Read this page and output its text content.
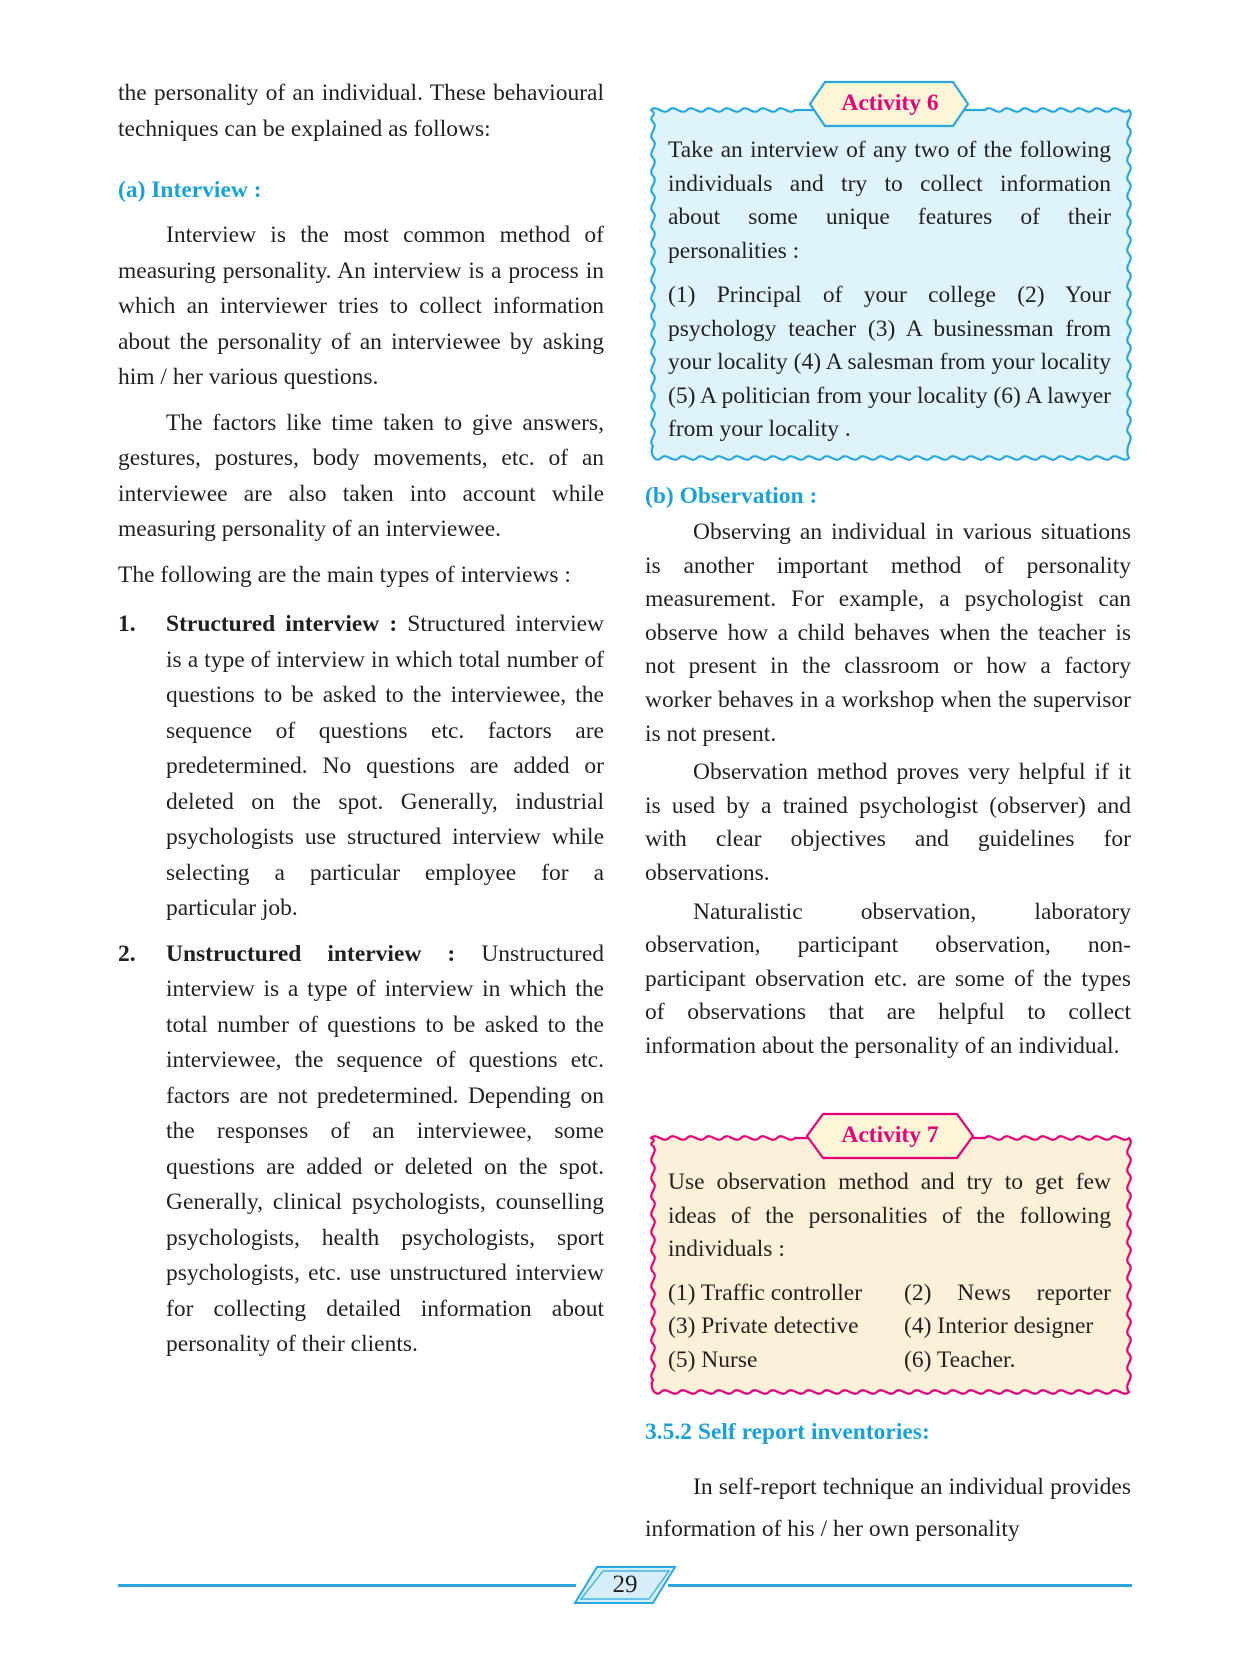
the personality of an individual. These behavioural techniques can be explained as follows:

(a) Interview :

Interview is the most common method of measuring personality. An interview is a process in which an interviewer tries to collect information about the personality of an interviewee by asking him / her various questions.

The factors like time taken to give answers, gestures, postures, body movements, etc. of an interviewee are also taken into account while measuring personality of an interviewee.

The following are the main types of interviews :

1. Structured interview : Structured interview is a type of interview in which total number of questions to be asked to the interviewee, the sequence of questions etc. factors are predetermined. No questions are added or deleted on the spot. Generally, industrial psychologists use structured interview while selecting a particular employee for a particular job.

2. Unstructured interview : Unstructured interview is a type of interview in which the total number of questions to be asked to the interviewee, the sequence of questions etc. factors are not predetermined. Depending on the responses of an interviewee, some questions are added or deleted on the spot. Generally, clinical psychologists, counselling psychologists, health psychologists, sport psychologists, etc. use unstructured interview for collecting detailed information about personality of their clients.

Activity 6

Take an interview of any two of the following individuals and try to collect information about some unique features of their personalities :

(1) Principal of your college (2) Your psychology teacher (3) A businessman from your locality (4) A salesman from your locality (5) A politician from your locality (6) A lawyer from your locality .

(b) Observation :

Observing an individual in various situations is another important method of personality measurement. For example, a psychologist can observe how a child behaves when the teacher is not present in the classroom or how a factory worker behaves in a workshop when the supervisor is not present.

Observation method proves very helpful if it is used by a trained psychologist (observer) and with clear objectives and guidelines for observations.

Naturalistic observation, laboratory observation, participant observation, non-participant observation etc. are some of the types of observations that are helpful to collect information about the personality of an individual.

Activity 7

Use observation method and try to get few ideas of the personalities of the following individuals :

(1) Traffic controller	(2) News reporter
(3) Private detective	(4) Interior designer
(5) Nurse	(6) Teacher.

3.5.2 Self report inventories:

In self-report technique an individual provides information of his / her own personality

29
